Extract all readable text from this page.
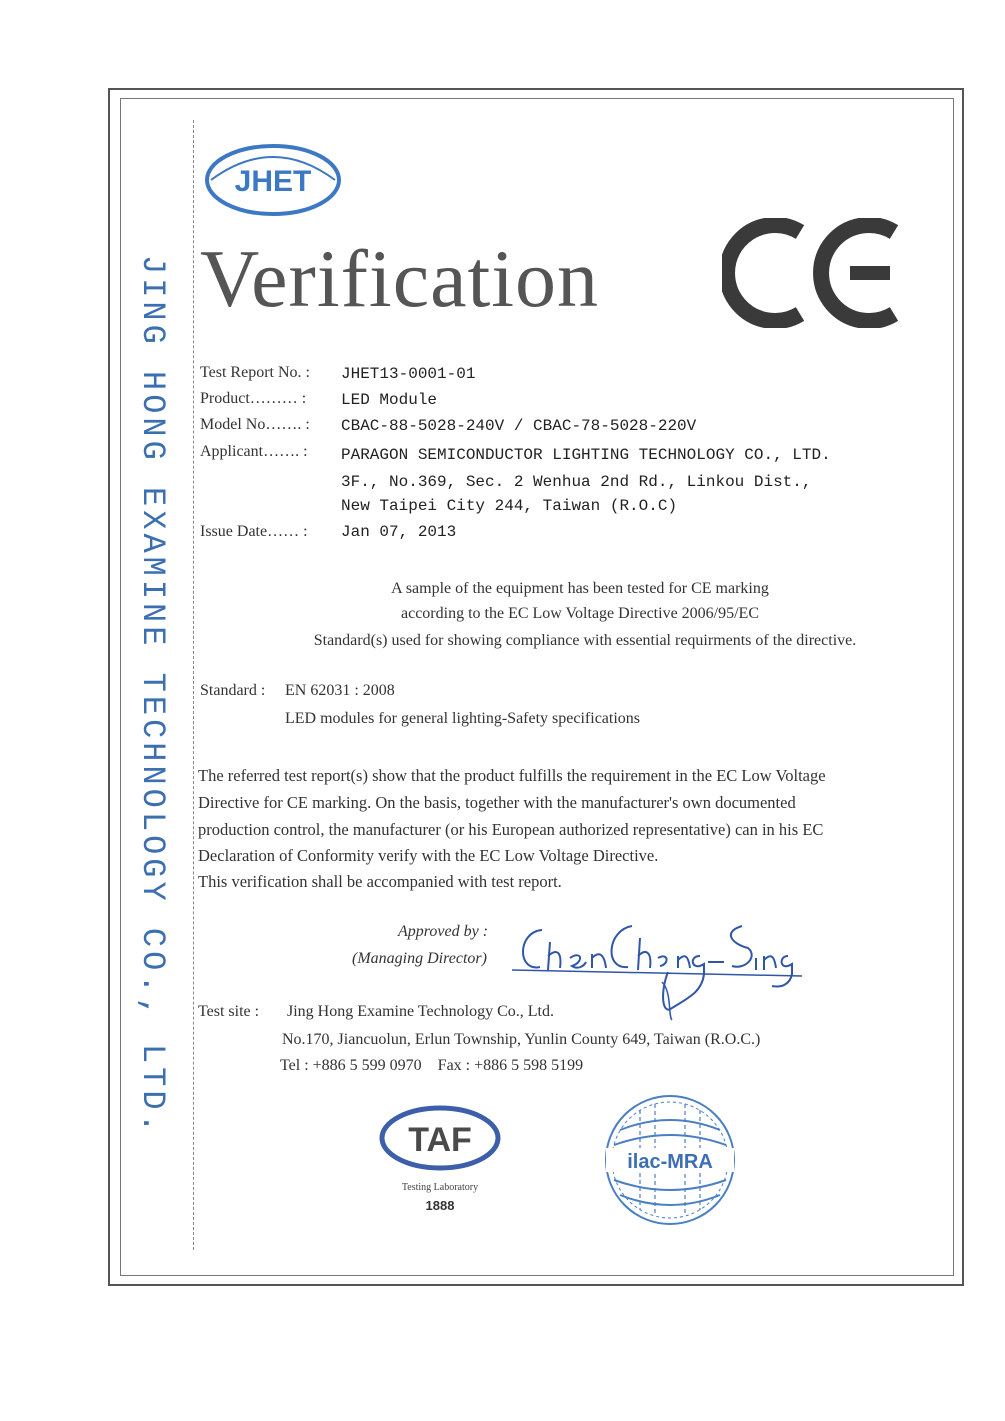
JING HONG EXAMINE TECHNOLOGY CO., LTD.
JHET
Verification
Test Report No. : JHET13-0001-01
Product……… : LED Module
Model No……. : CBAC-88-5028-240V / CBAC-78-5028-220V
Applicant……. : PARAGON SEMICONDUCTOR LIGHTING TECHNOLOGY CO., LTD.
3F., No.369, Sec. 2 Wenhua 2nd Rd., Linkou Dist.,
New Taipei City 244, Taiwan (R.O.C)
Issue Date…… : Jan 07, 2013
A sample of the equipment has been tested for CE marking
according to the EC Low Voltage Directive 2006/95/EC
Standard(s) used for showing compliance with essential requirments of the directive.
Standard : EN 62031 : 2008
LED modules for general lighting-Safety specifications
The referred test report(s) show that the product fulfills the requirement in the EC Low Voltage
Directive for CE marking. On the basis, together with the manufacturer's own documented
production control, the manufacturer (or his European authorized representative) can in his EC
Declaration of Conformity verify with the EC Low Voltage Directive.
This verification shall be accompanied with test report.
Approved by :
(Managing Director)
Test site : Jing Hong Examine Technology Co., Ltd.
No.170, Jiancuolun, Erlun Township, Yunlin County 649, Taiwan (R.O.C.)
Tel : +886 5 599 0970    Fax : +886 5 598 5199
TAF
Testing Laboratory
1888
ilac-MRA
